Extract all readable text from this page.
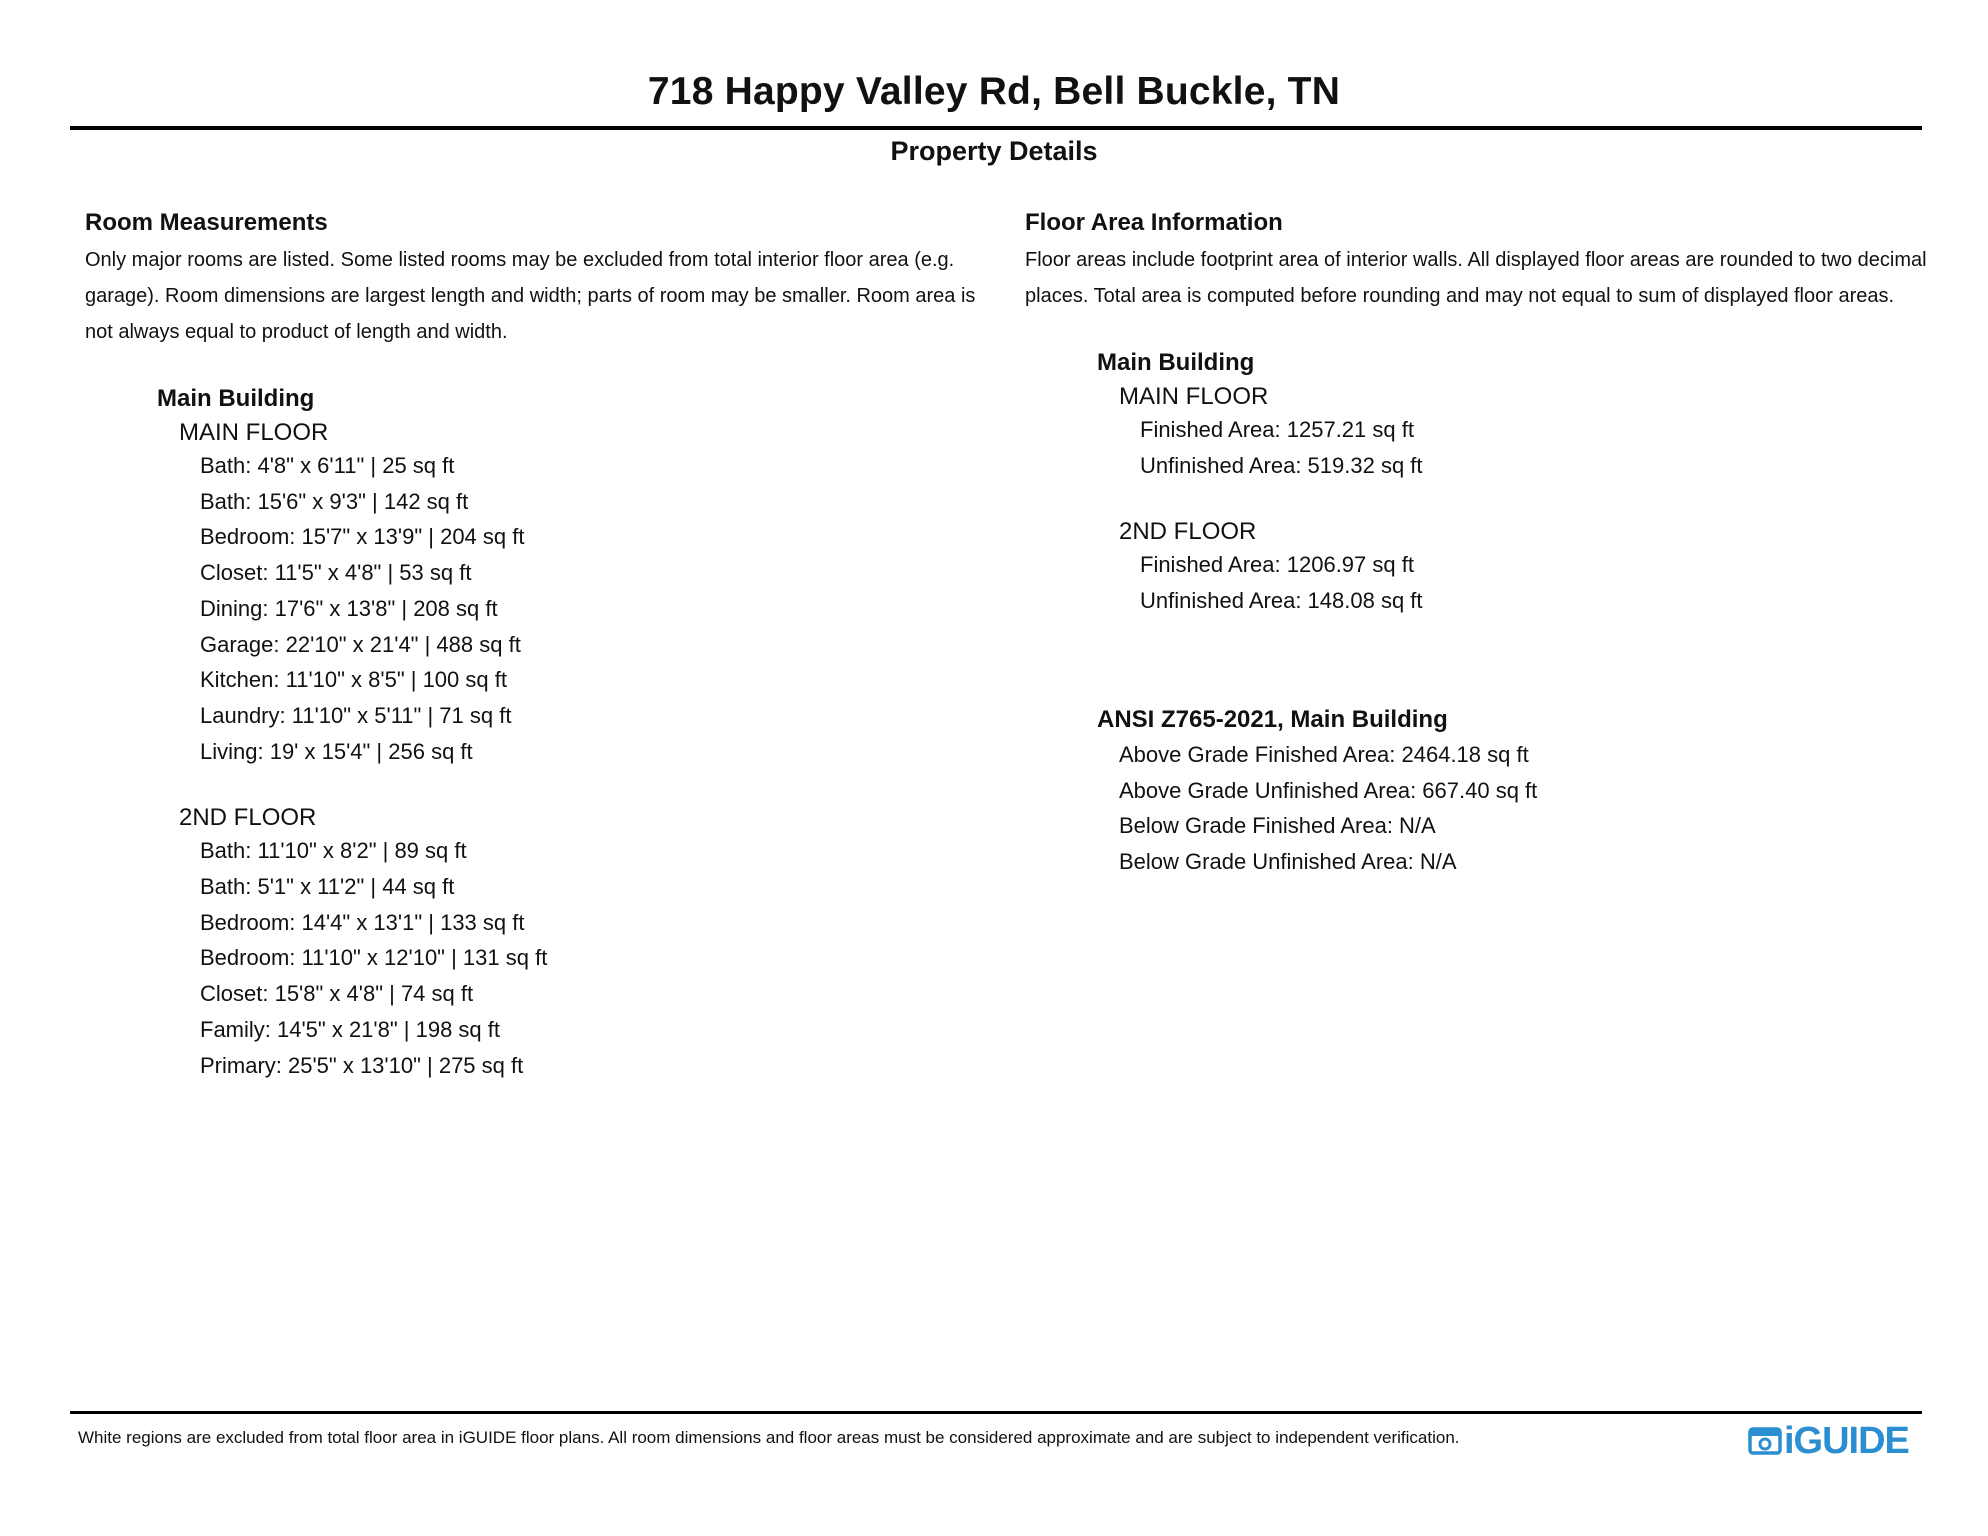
718 Happy Valley Rd, Bell Buckle, TN
Property Details
Room Measurements

Only major rooms are listed. Some listed rooms may be excluded from total interior floor area (e.g. garage). Room dimensions are largest length and width; parts of room may be smaller. Room area is not always equal to product of length and width.

Main Building
MAIN FLOOR
Bath: 4'8" x 6'11" | 25 sq ft
Bath: 15'6" x 9'3" | 142 sq ft
Bedroom: 15'7" x 13'9" | 204 sq ft
Closet: 11'5" x 4'8" | 53 sq ft
Dining: 17'6" x 13'8" | 208 sq ft
Garage: 22'10" x 21'4" | 488 sq ft
Kitchen: 11'10" x 8'5" | 100 sq ft
Laundry: 11'10" x 5'11" | 71 sq ft
Living: 19' x 15'4" | 256 sq ft
2ND FLOOR
Bath: 11'10" x 8'2" | 89 sq ft
Bath: 5'1" x 11'2" | 44 sq ft
Bedroom: 14'4" x 13'1" | 133 sq ft
Bedroom: 11'10" x 12'10" | 131 sq ft
Closet: 15'8" x 4'8" | 74 sq ft
Family: 14'5" x 21'8" | 198 sq ft
Primary: 25'5" x 13'10" | 275 sq ft
Floor Area Information

Floor areas include footprint area of interior walls. All displayed floor areas are rounded to two decimal places. Total area is computed before rounding and may not equal to sum of displayed floor areas.

Main Building
MAIN FLOOR
Finished Area: 1257.21 sq ft
Unfinished Area: 519.32 sq ft
2ND FLOOR
Finished Area: 1206.97 sq ft
Unfinished Area: 148.08 sq ft
ANSI Z765-2021, Main Building
Above Grade Finished Area: 2464.18 sq ft
Above Grade Unfinished Area: 667.40 sq ft
Below Grade Finished Area: N/A
Below Grade Unfinished Area: N/A
White regions are excluded from total floor area in iGUIDE floor plans. All room dimensions and floor areas must be considered approximate and are subject to independent verification.	iGUIDE
